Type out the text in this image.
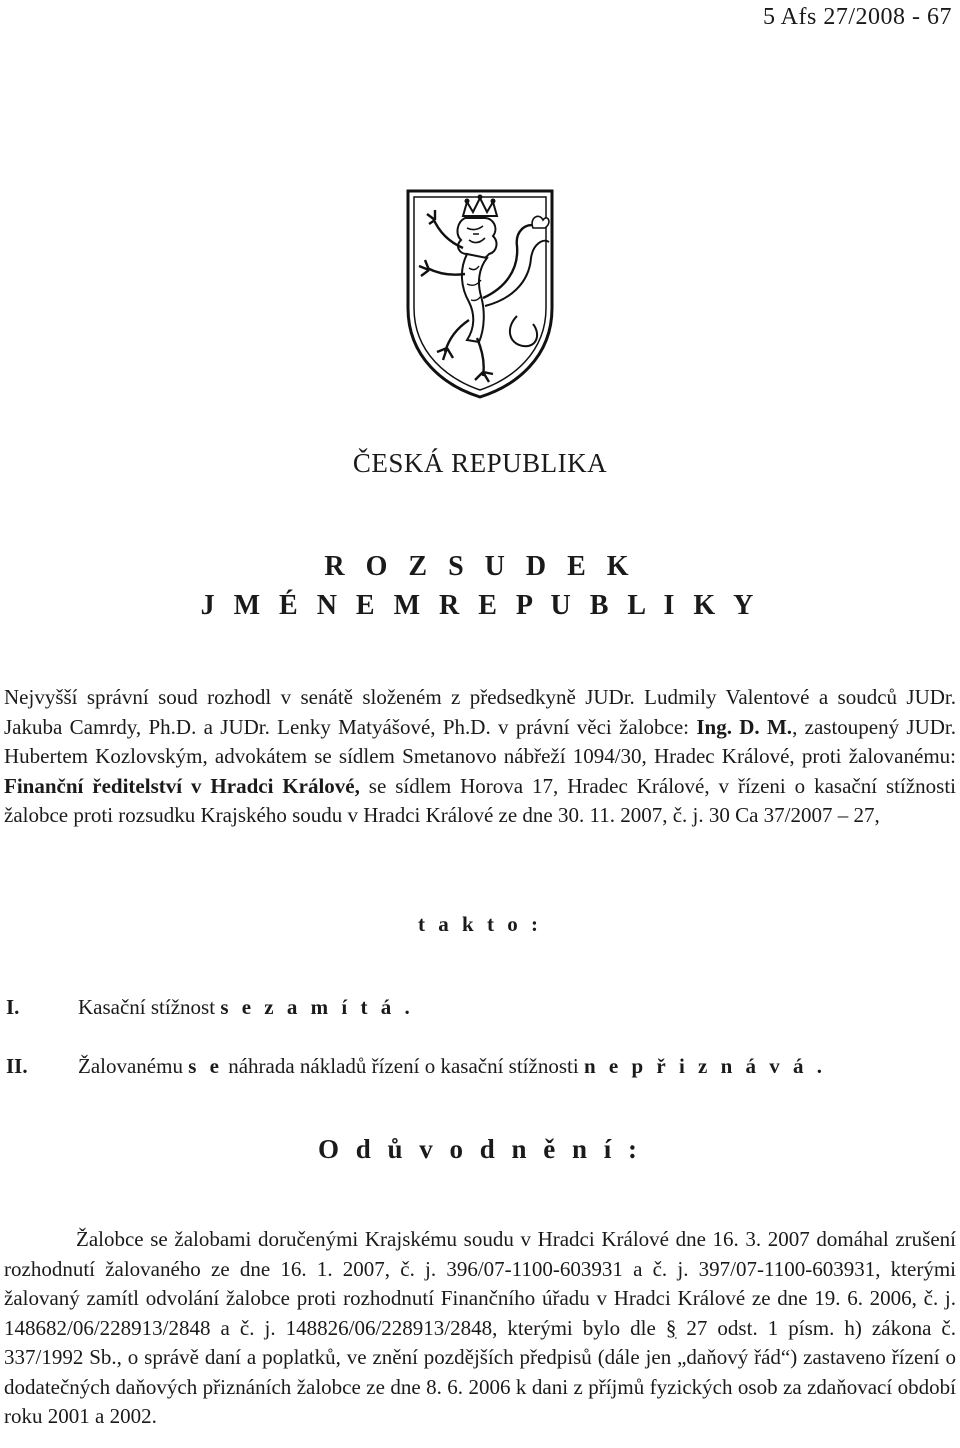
5 Afs 27/2008 - 67
ČESKÁ REPUBLIKA
R O Z S U D E K
J M É N E M R E P U B L I K Y
Nejvyšší správní soud rozhodl v senátě složeném z předsedkyně JUDr. Ludmily Valentové a soudců JUDr. Jakuba Camrdy, Ph.D. a JUDr. Lenky Matyášové, Ph.D. v právní věci žalobce: Ing. D. M., zastoupený JUDr. Hubertem Kozlovským, advokátem se sídlem Smetanovo nábřeží 1094/30, Hradec Králové, proti žalovanému: Finanční ředitelství v Hradci Králové, se sídlem Horova 17, Hradec Králové, v řízeni o kasační stížnosti žalobce proti rozsudku Krajského soudu v Hradci Králové ze dne 30. 11. 2007, č. j. 30 Ca 37/2007 – 27,
t a k t o :
I.	Kasační stížnost s e z a m í t á .
II. Žalovanému s e náhrada nákladů řízení o kasační stížnosti n e p ř i z n á v á .
O d ů v o d n ě n í :
Žalobce se žalobami doručenými Krajskému soudu v Hradci Králové dne 16. 3. 2007 domáhal zrušení rozhodnutí žalovaného ze dne 16. 1. 2007, č. j. 396/07-1100-603931 a č. j. 397/07-1100-603931, kterými žalovaný zamítl odvolání žalobce proti rozhodnutí Finančního úřadu v Hradci Králové ze dne 19. 6. 2006, č. j. 148682/06/228913/2848 a č. j. 148826/06/228913/2848, kterými bylo dle § 27 odst. 1 písm. h) zákona č. 337/1992 Sb., o správě daní a poplatků, ve znění pozdějších předpisů (dále jen „daňový řád“) zastaveno řízení o dodatečných daňových přiznáních žalobce ze dne 8. 6. 2006 k dani z příjmů fyzických osob za zdaňovací období roku 2001 a 2002.
